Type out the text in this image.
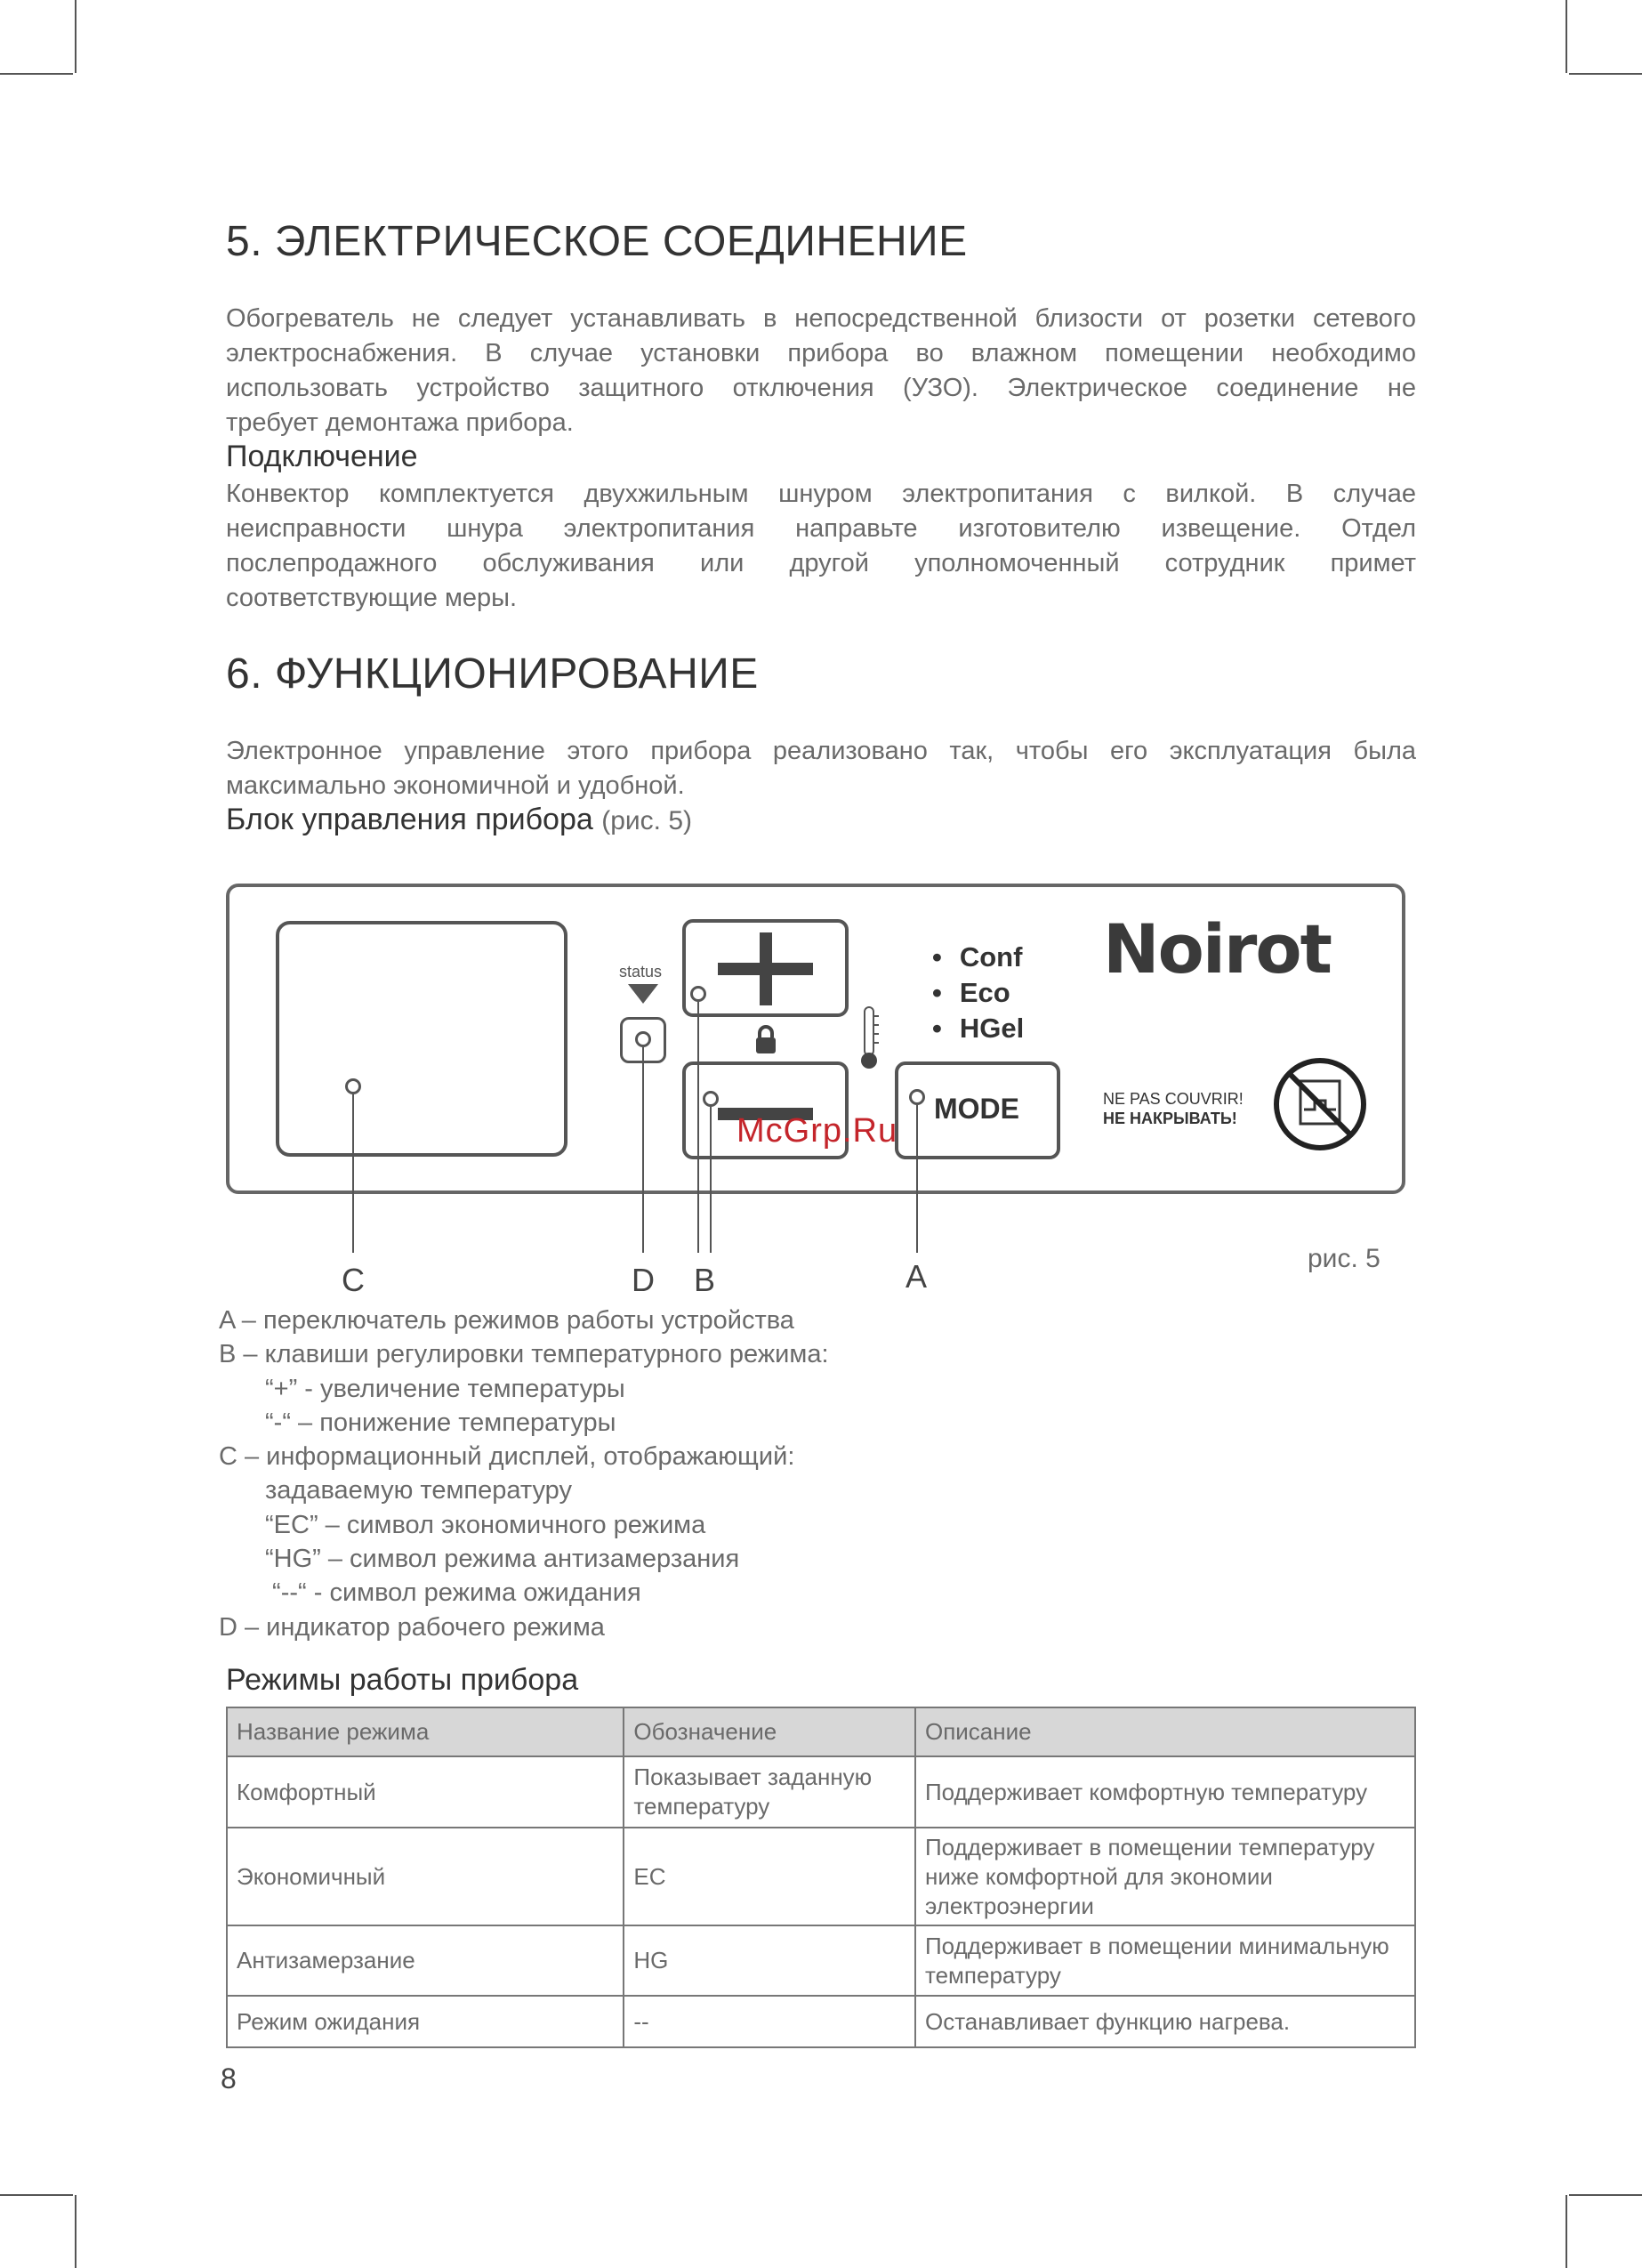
5. ЭЛЕКТРИЧЕСКОЕ СОЕДИНЕНИЕ
Обогреватель не следует устанавливать в непосредственной близости от розетки сетевого
электроснабжения. В случае установки прибора во влажном помещении необходимо
использовать устройство защитного отключения (УЗО). Электрическое соединение не
требует демонтажа прибора.
Подключение
Конвектор комплектуется двухжильным шнуром электропитания с вилкой. В случае
неисправности шнура электропитания направьте изготовителю извещение. Отдел
послепродажного обслуживания или другой уполномоченный сотрудник примет
соответствующие меры.
6. ФУНКЦИОНИРОВАНИЕ
Электронное управление этого прибора реализовано так, чтобы его эксплуатация была
максимально экономичной и удобной.
Блок управления прибора (рис. 5)
status	• Conf
• Eco
• HGel
Noirot
MODE	NE PAS COUVRIR!
НЕ НАКРЫВАТЬ!
McGrp.Ru
C	D B	A	рис. 5
A – переключатель режимов работы устройства
B – клавиши регулировки температурного режима:
“+” - увеличение температуры
“-“ – понижение температуры
C – информационный дисплей, отображающий:
задаваемую температуру
“EC” – символ экономичного режима
“HG” – символ режима антизамерзания
“--“ - символ режима ожидания
D – индикатор рабочего режима
Режимы работы прибора
Название режима	Обозначение	Описание
Комфортный	Показывает заданную температуру	Поддерживает комфортную температуру
Экономичный	EC	Поддерживает в помещении температуру ниже комфортной для экономии электроэнергии
Антизамерзание	HG	Поддерживает в помещении минимальную температуру
Режим ожидания	--	Останавливает функцию нагрева.
8
